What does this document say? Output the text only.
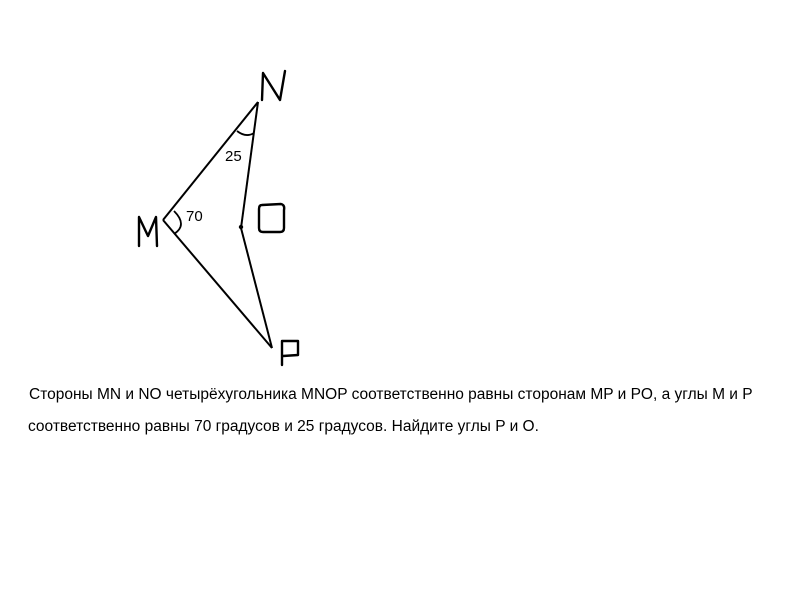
70
25
Стороны MN и NO четырёхугольника MNOP соответственно равны сторонам MP и PO, а углы M и P
соответственно равны 70 градусов и 25 градусов. Найдите углы P и O.
